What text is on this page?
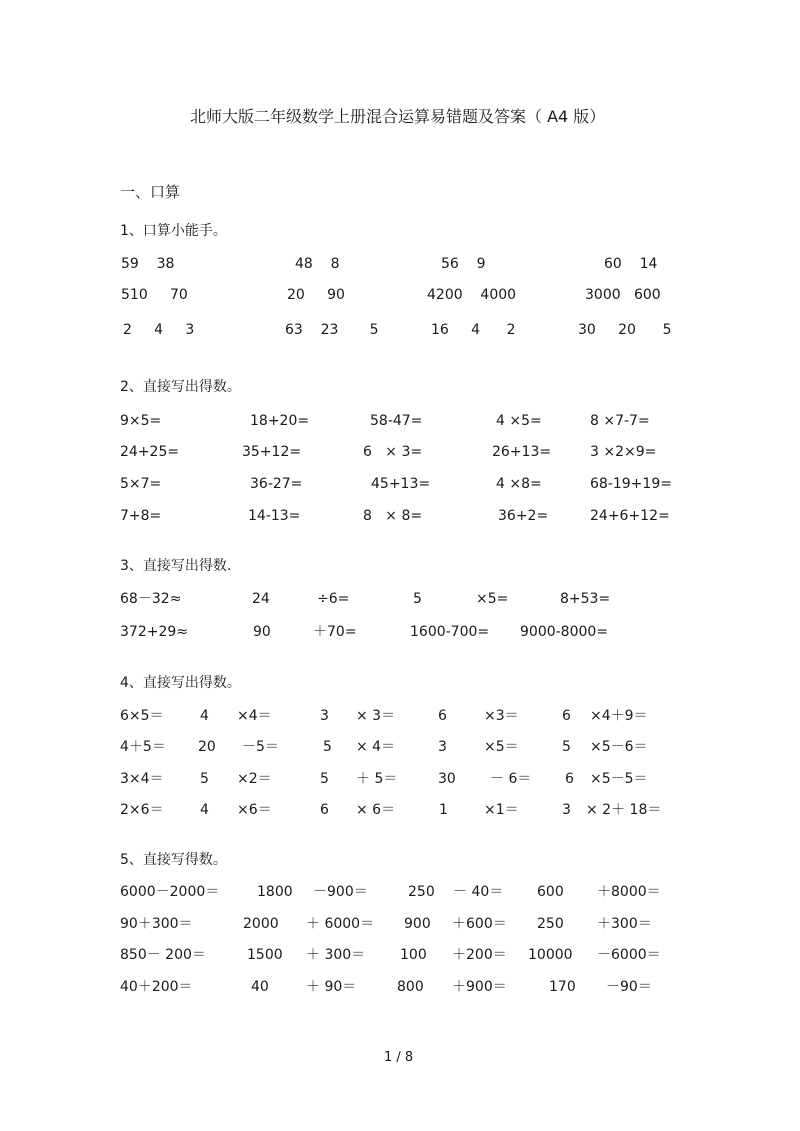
北师大版二年级数学上册混合运算易错题及答案（ A4 版）
一、口算
1、口算小能手。
59    38	48    8	56    9	60    14
510     70	20     90	4200    4000	3000   600
2     4     3	63    23       5	16     4      2	30     20      5
2、直接写出得数。
9×5=	18+20=	58-47=	4 ×5=	8 ×7-7=
24+25=	35+12=	6   × 3=	26+13=	3 ×2×9=
5×7=	36-27=	45+13=	4 ×8=	68-19+19=
7+8=	14-13=	8   × 8=	36+2=	24+6+12=
3、直接写出得数.
68－32≈	24	÷6=	5	×5=	8+53=
372+29≈	90	＋70=	1600-700= 9000-8000=
4、直接写出得数。
6×5＝	4 ×4＝	3 × 3＝	6	×3＝	6 ×4＋9＝
4＋5＝ 20 －5＝	5 × 4＝	3	×5＝	5 ×5－6＝
3×4＝	5 ×2＝	5 ＋ 5＝	30 － 6＝ 6 ×5－5＝
2×6＝	4 ×6＝	6 × 6＝	1	×1＝	3 × 2＋ 18＝
5、直接写得数。
6000－2000＝	1800 －900＝	250 － 40＝ 600 ＋8000＝
90＋300＝	2000 ＋ 6000＝ 900 ＋600＝ 250 ＋300＝
850－ 200＝	1500 ＋ 300＝ 100 ＋200＝ 10000 －6000＝
40＋200＝	40	＋ 90＝	800 ＋900＝	170 －90＝
1 / 8
